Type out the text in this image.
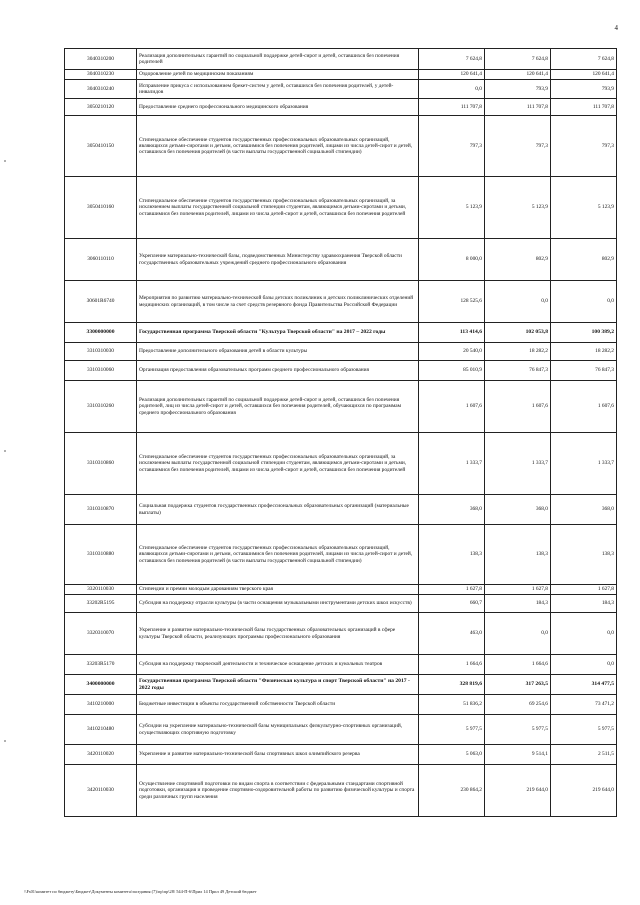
4
3040310200	Реализация дополнительных гарантий по социальной поддержке детей-сирот и детей, оставшихся без попечения родителей	7 624,8	7 624,8	7 624,8
3040310230	Оздоровление детей по медицинским показаниям	120 641,4	120 641,4	120 641,4
3040310240	Исправление прикуса с использованием брекет-систем у детей, оставшихся без попечения родителей, у детей-инвалидов	0,0	793,9	793,9
3050210120	Предоставление среднего профессионального медицинского образования	111 707,8	111 707,8	111 707,8
3050410150	Стипендиальное обеспечение студентов государственных профессиональных образовательных организаций, являющихся детьми-сиротами и детьми, оставшимися без попечения родителей, лицами из числа детей-сирот и детей, оставшихся без попечения родителей (в части выплаты государственной социальной стипендии)	797,3	797,3	797,3
3050410160	Стипендиальное обеспечение студентов государственных профессиональных образовательных организаций, за исключением выплаты государственной социальной стипендии студентам, являющимся детьми-сиротами и детьми, оставшимися без попечения родителей, лицами из числа детей-сирот и детей, оставшихся без попечения родителей	5 123,9	5 123,9	5 123,9
3060110110	Укрепление материально-технической базы, подведомственных Министерству здравоохранения Тверской области государственных образовательных учреждений среднего профессионального образования	8 000,0	802,9	802,9
30601R6740	Мероприятия по развитию материально-технической базы детских поликлиник и детских поликлинических отделений медицинских организаций, в том числе за счет средств резервного фонда Правительства Российской Федерации	128 525,6	0,0	0,0
3300000000	Государственная программа Тверской области "Культура Тверской области" на 2017 – 2022 годы	113 414,6	102 053,8	100 389,2
3310310030	Предоставление дополнительного образования детей в области культуры	20 540,0	18 282,2	18 282,2
3310310060	Организация предоставления образовательных программ среднего профессионального образования	85 010,9	76 847,3	76 847,3
3310310260	Реализация дополнительных гарантий по социальной поддержке детей-сирот и детей, оставшихся без попечения родителей, лиц из числа детей-сирот и детей, оставшихся без попечения родителей, обучающихся по программам среднего профессионального образования	1 607,6	1 607,6	1 607,6
3310310860	Стипендиальное обеспечение студентов государственных профессиональных образовательных организаций, за исключением выплаты государственной социальной стипендии студентам, являющимся детьми-сиротами и детьми, оставшимися без попечения родителей, лицами из числа детей-сирот и детей, оставшихся без попечения родителей	1 333,7	1 333,7	1 333,7
3310310870	Социальная поддержка студентов государственных профессиональных образовательных организаций (материальные выплаты)	368,0	368,0	368,0
3310310880	Стипендиальное обеспечение студентов государственных профессиональных образовательных организаций, являющихся детьми-сиротами и детьми, оставшимися без попечения родителей, лицами из числа детей-сирот и детей, оставшихся без попечения родителей (в части выплаты государственной социальной стипендии)	138,3	138,3	138,3
3320110030	Стипендии и премии молодым дарованиям тверского края	1 627,8	1 627,8	1 627,8
33202R5195	Субсидия на поддержку отрасли культуры (в части оснащения музыкальными инструментами детских школ искусств)	660,7	184,3	184,3
3320310070	Укрепление и развитие материально-технической базы государственных образовательных организаций в сфере культуры Тверской области, реализующих программы профессионального образования	463,0	0,0	0,0
33203R5170	Субсидия на поддержку творческой деятельности и техническое оснащение детских и кукольных театров	1 664,6	1 664,6	0,0
3400000000	Государственная программа Тверской области "Физическая культура и спорт Тверской области" на 2017 - 2022 годы	328 819,6	317 263,5	314 477,5
3410210000	Бюджетные инвестиции в объекты государственной собственности Тверской области	51 836,2	69 254,6	73 471,2
3410210480	Субсидии на укрепление материально-технической базы муниципальных физкультурно-спортивных организаций, осуществляющих спортивную подготовку	5 977,5	5 977,5	5 977,5
3420110020	Укрепление и развитие материально-технической базы спортивных школ олимпийского резерва	5 063,0	9 514,1	2 511,5
3420110030	Осуществление спортивной подготовки по видам спорта в соответствии с федеральными стандартами спортивной подготовки, организация и проведение спортивно-оздоровительной работы по развитию физической культуры и спорта среди различных групп населения	230 864,2	219 644,0	219 644,0
\\Fs01\комитет по бюджету\Бюджет\Документы комитета\заседания (7)\пр\пр\28\ 544-П-6\Прил 14 Прил 49 Детский бюджет
